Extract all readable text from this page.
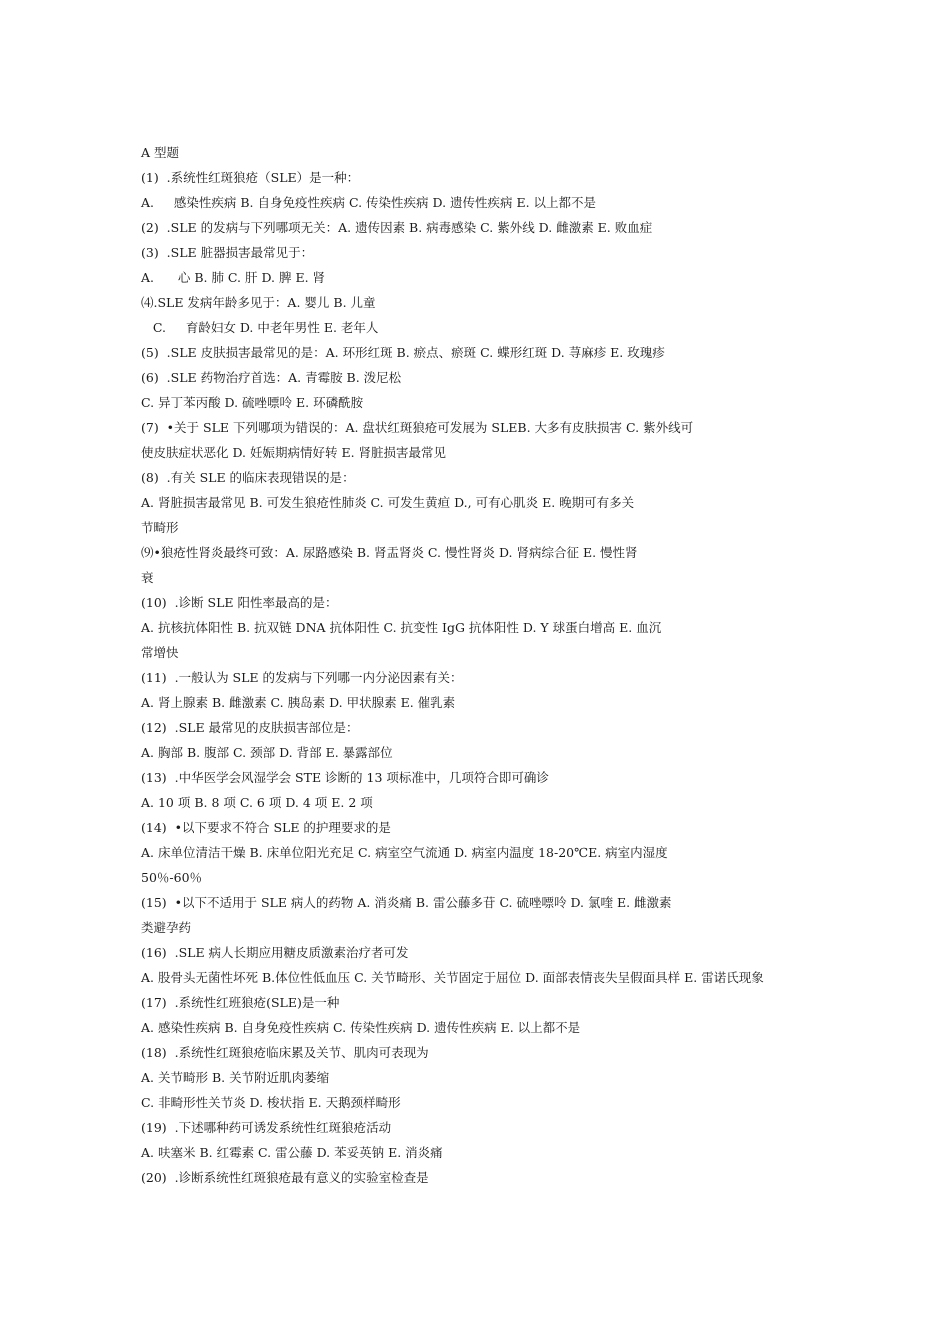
A 型题
(1)  .系统性红斑狼疮（SLE）是一种：
A.     感染性疾病 B. 自身免疫性疾病 C. 传染性疾病 D. 遗传性疾病 E. 以上都不是
(2)  .SLE 的发病与下列哪项无关：A. 遗传因素 B. 病毒感染 C. 紫外线 D. 雌激素 E. 败血症
(3)  .SLE 脏器损害最常见于：
A.      心 B. 肺 C. 肝 D. 脾 E. 肾
⑷.SLE 发病年龄多见于：A. 婴儿 B. 儿童
C.     育龄妇女 D. 中老年男性 E. 老年人
(5)  .SLE 皮肤损害最常见的是：A. 环形红斑 B. 瘀点、瘀斑 C. 蝶形红斑 D. 荨麻疹 E. 玫瑰疹
(6)  .SLE 药物治疗首选：A. 青霉胺 B. 泼尼松
C. 异丁苯丙酸 D. 硫唑嘌呤 E. 环磷酰胺
(7)  •关于 SLE 下列哪项为错误的：A. 盘状红斑狼疮可发展为 SLEB. 大多有皮肤损害 C. 紫外线可
使皮肤症状恶化 D. 妊娠期病情好转 E. 肾脏损害最常见
(8)  .有关 SLE 的临床表现错误的是：
A. 肾脏损害最常见 B. 可发生狼疮性肺炎 C. 可发生黄疸 D., 可有心肌炎 E. 晚期可有多关
节畸形
⑼•狼疮性肾炎最终可致：A. 尿路感染 B. 肾盂肾炎 C. 慢性肾炎 D. 肾病综合征 E. 慢性肾
衰
(10)  .诊断 SLE 阳性率最高的是：
A. 抗核抗体阳性 B. 抗双链 DNA 抗体阳性 C. 抗变性 IgG 抗体阳性 D. Y 球蛋白增高 E. 血沉
常增快
(11)  .一般认为 SLE 的发病与下列哪一内分泌因素有关：
A. 肾上腺素 B. 雌激素 C. 胰岛素 D. 甲状腺素 E. 催乳素
(12)  .SLE 最常见的皮肤损害部位是：
A. 胸部 B. 腹部 C. 颈部 D. 背部 E. 暴露部位
(13)  .中华医学会风湿学会 STE 诊断的 13 项标准中，几项符合即可确诊
A. 10 项 B. 8 项 C. 6 项 D. 4 项 E. 2 项
(14)  •以下要求不符合 SLE 的护理要求的是
A. 床单位清洁干燥 B. 床单位阳光充足 C. 病室空气流通 D. 病室内温度 18-20℃E. 病室内湿度
50％-60％
(15)  •以下不适用于 SLE 病人的药物 A. 消炎痛 B. 雷公藤多苷 C. 硫唑嘌呤 D. 氯喹 E. 雌激素
类避孕药
(16)  .SLE 病人长期应用糖皮质激素治疗者可发
A. 股骨头无菌性坏死 B.体位性低血压 C. 关节畸形、关节固定于屈位 D. 面部表情丧失呈假面具样 E. 雷诺氏现象
(17)  .系统性红班狼疮(SLE)是一种
A. 感染性疾病 B. 自身免疫性疾病 C. 传染性疾病 D. 遗传性疾病 E. 以上都不是
(18)  .系统性红斑狼疮临床累及关节、肌肉可表现为
A. 关节畸形 B. 关节附近肌肉萎缩
C. 非畸形性关节炎 D. 梭状指 E. 天鹅颈样畸形
(19)  .下述哪种药可诱发系统性红斑狼疮活动
A. 呋塞米 B. 红霉素 C. 雷公藤 D. 苯妥英钠 E. 消炎痛
(20)  .诊断系统性红斑狼疮最有意义的实验室检查是
